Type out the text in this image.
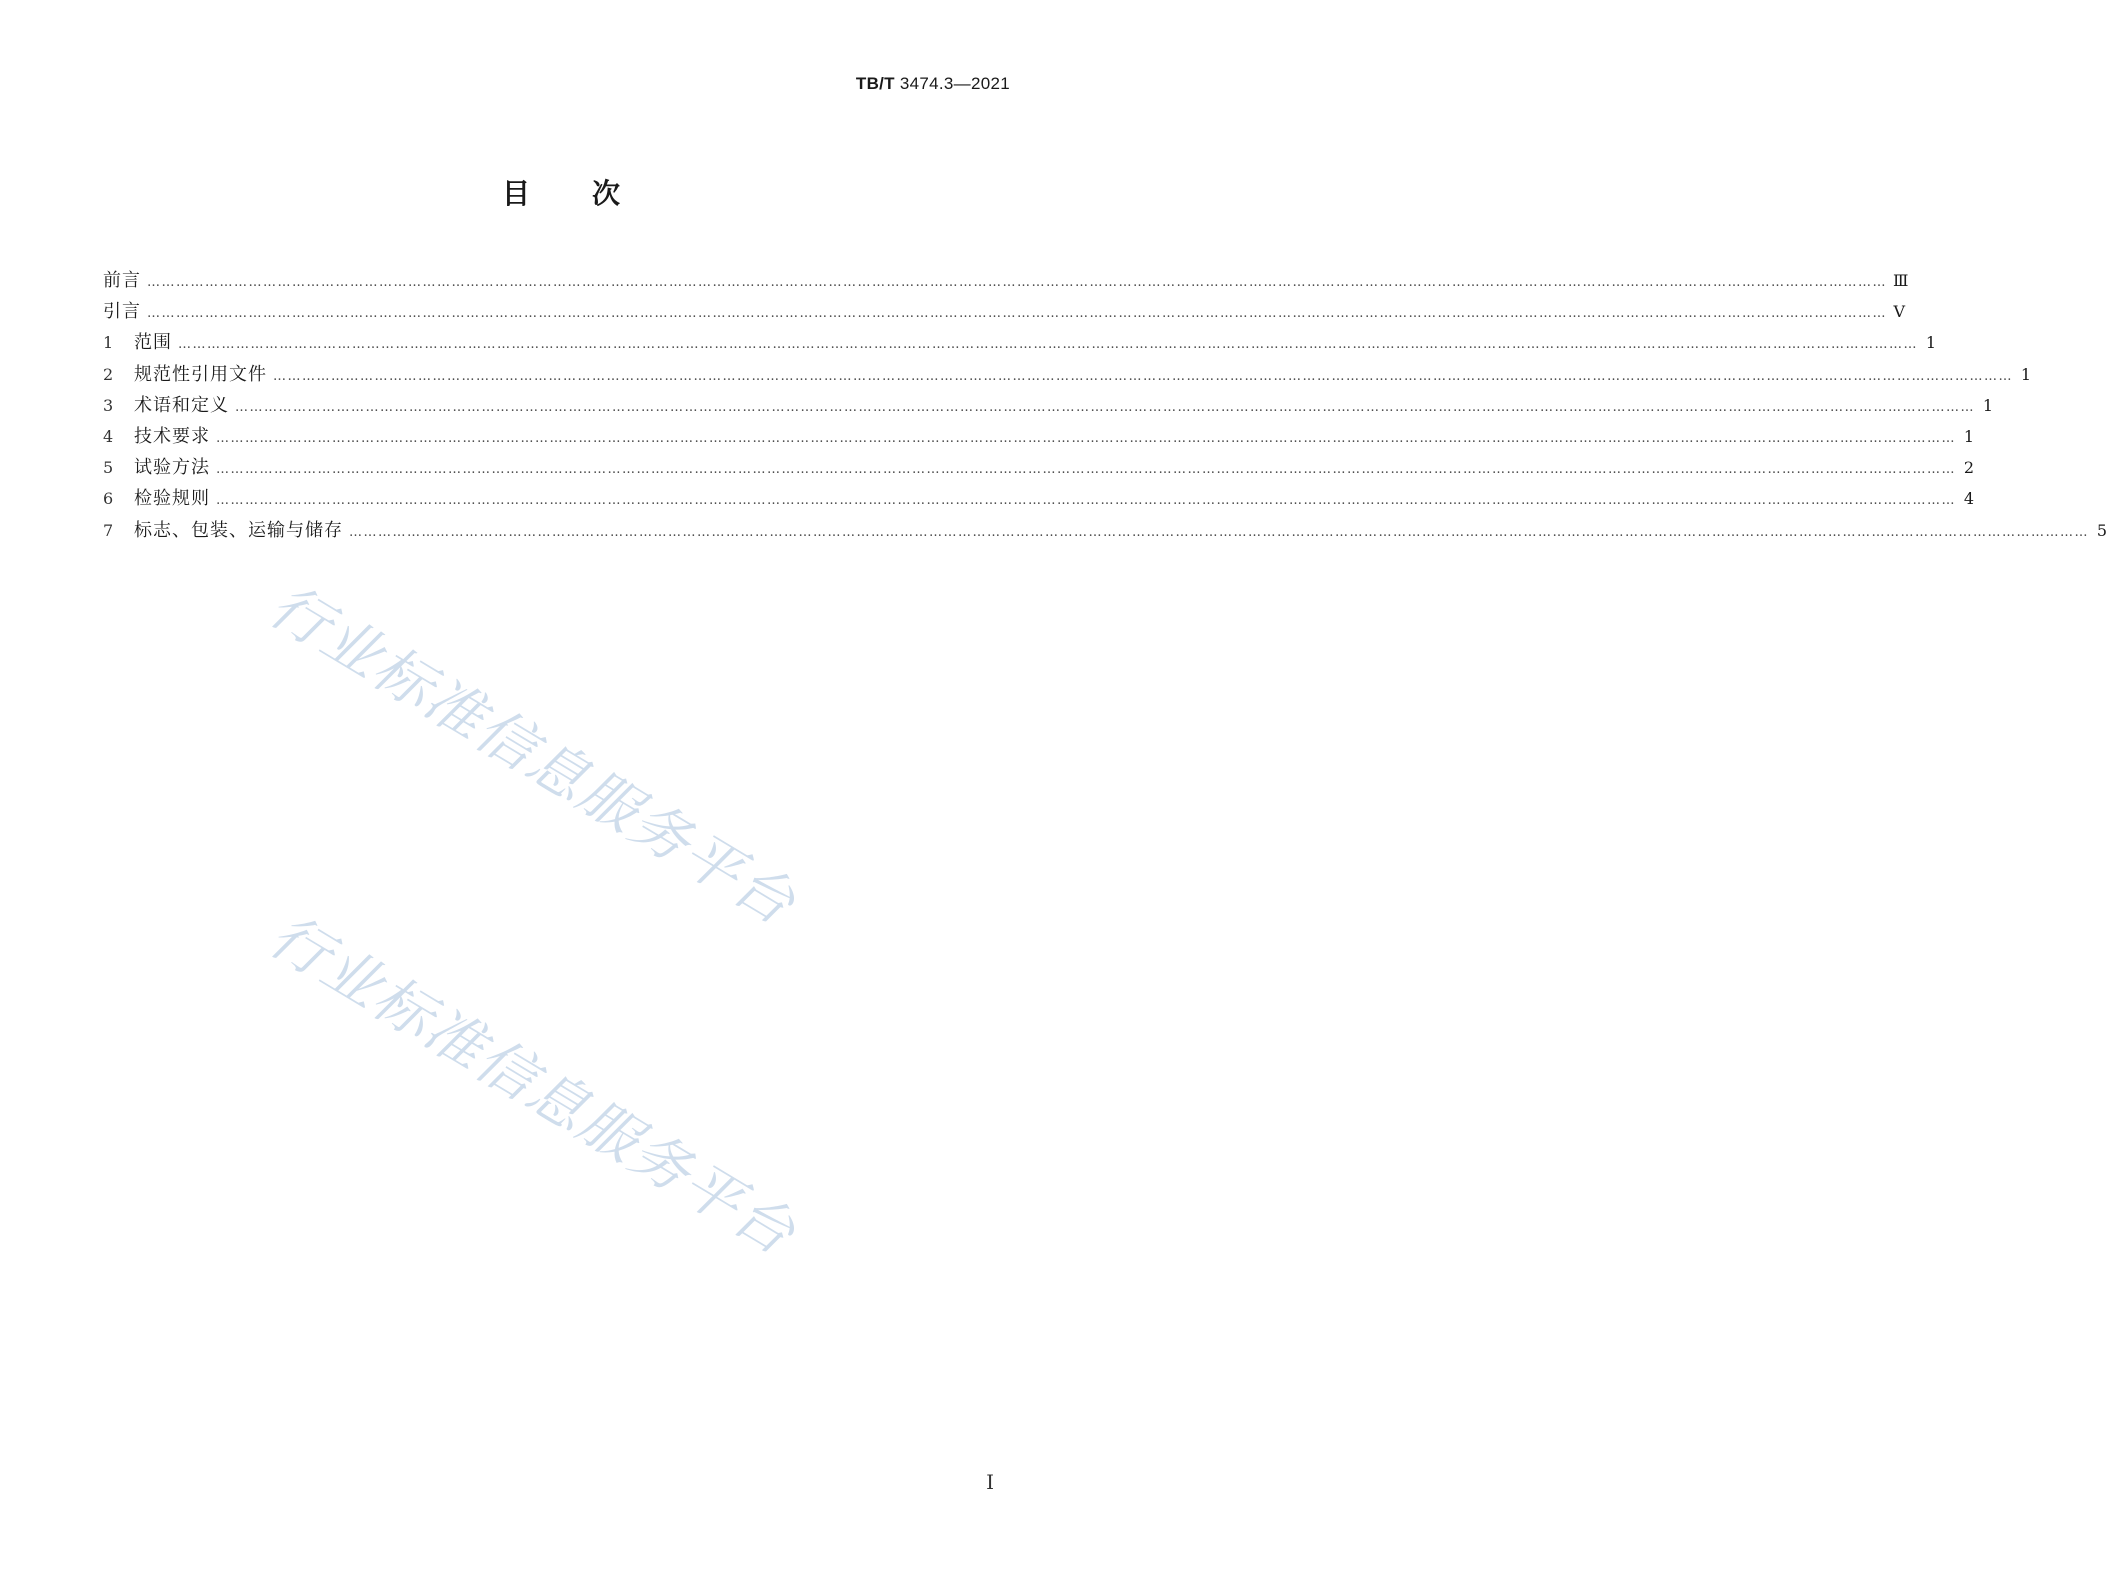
TB/T 3474.3—2021
目次
前言 ……………………………………………………………………………………………………………………………………………………………………………………………………………………………………………………………………………………………………………………………… Ⅲ
引言 ……………………………………………………………………………………………………………………………………………………………………………………………………………………………………………………………………………………………………………………………… Ⅴ
1	范围 ……………………………………………………………………………………………………………………………………………………………………………………………………………………………………………………………………………………………………………………………… 1
2	规范性引用文件 ……………………………………………………………………………………………………………………………………………………………………………………………………………………………………………………………………………………………………………………………… 1
3	术语和定义 ……………………………………………………………………………………………………………………………………………………………………………………………………………………………………………………………………………………………………………………………… 1
4	技术要求 ……………………………………………………………………………………………………………………………………………………………………………………………………………………………………………………………………………………………………………………………… 1
5	试验方法 ……………………………………………………………………………………………………………………………………………………………………………………………………………………………………………………………………………………………………………………………… 2
6	检验规则 ……………………………………………………………………………………………………………………………………………………………………………………………………………………………………………………………………………………………………………………………… 4
7	标志、包装、运输与储存 ……………………………………………………………………………………………………………………………………………………………………………………………………………………………………………………………………………………………………………………………… 5
行业标准信息服务平台
行业标准信息服务平台
Ⅰ
